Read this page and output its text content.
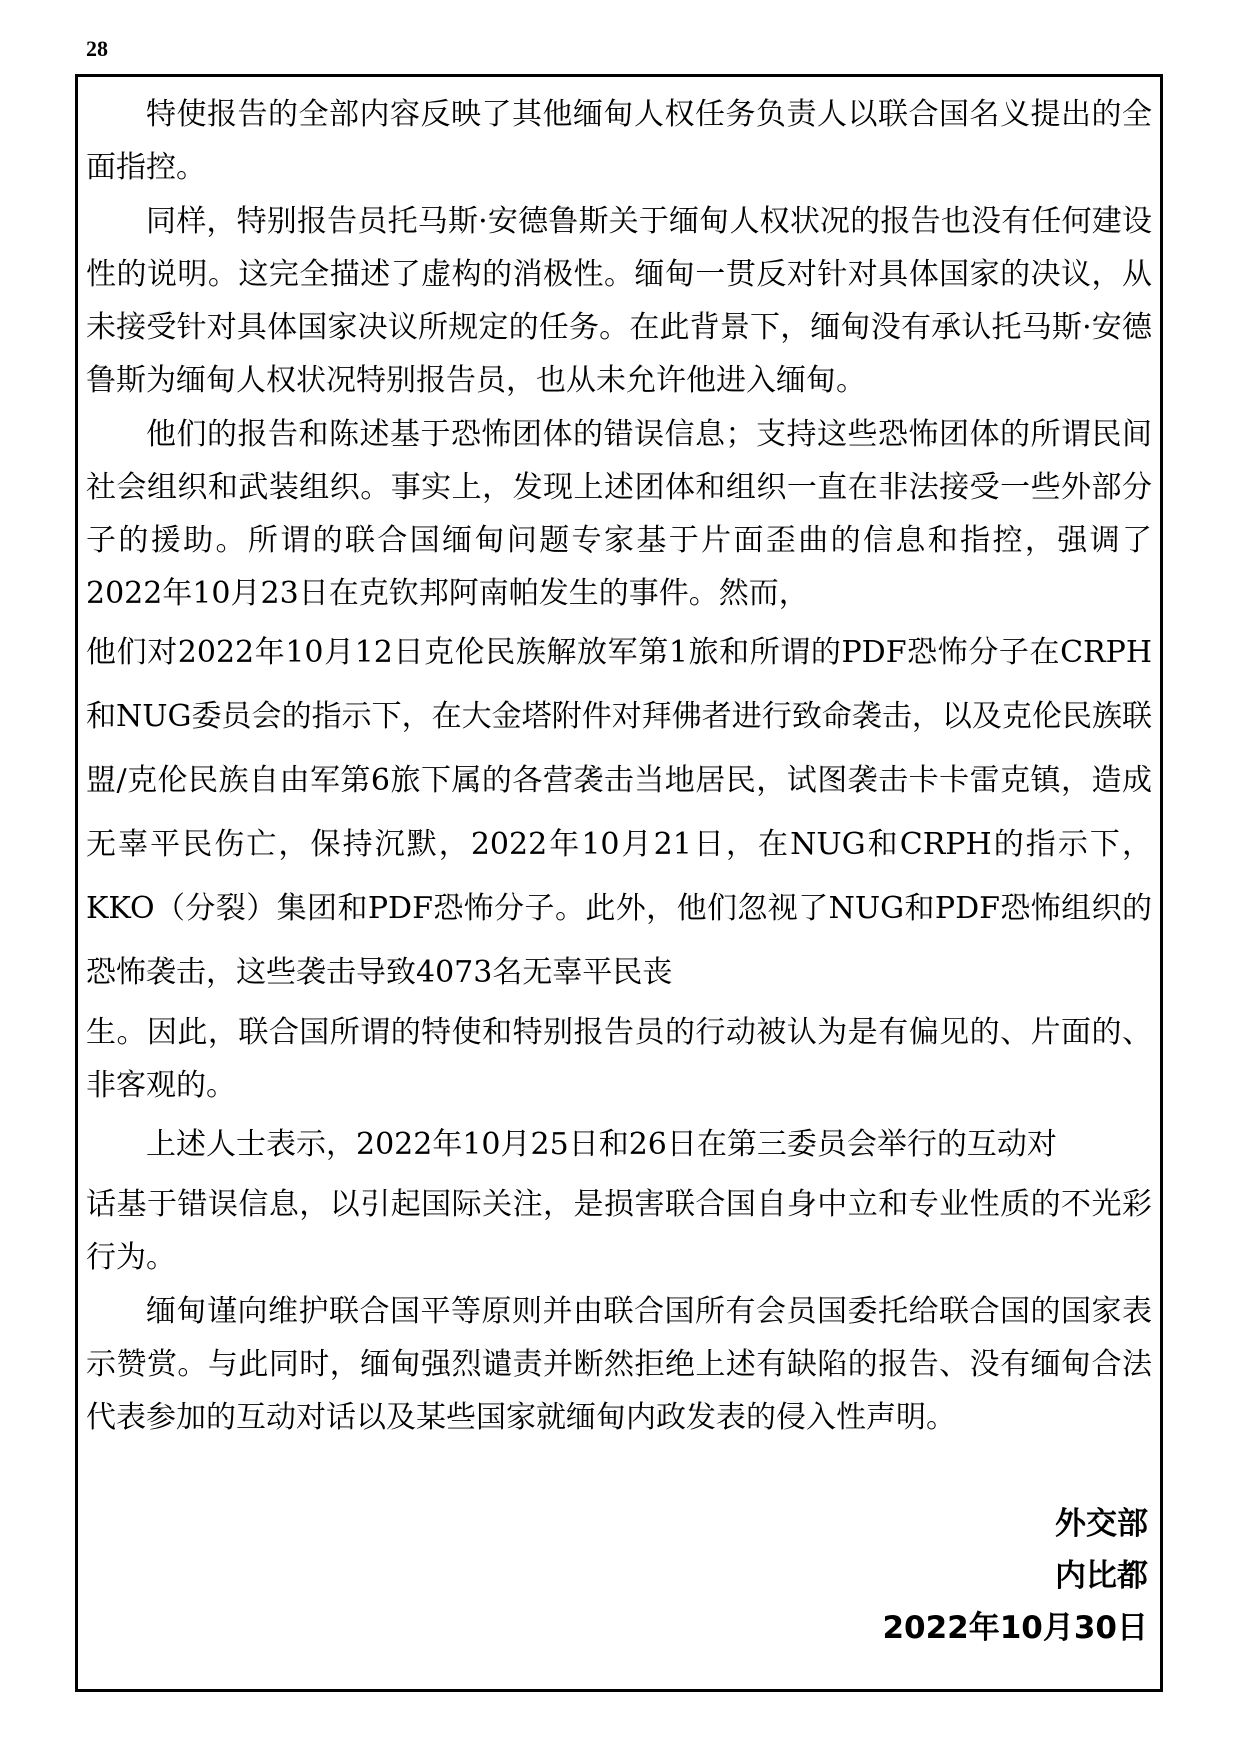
28

特使报告的全部内容反映了其他缅甸人权任务负责人以联合国名义提出的全面指控。

同样，特别报告员托马斯·安德鲁斯关于缅甸人权状况的报告也没有任何建设性的说明。这完全描述了虚构的消极性。缅甸一贯反对针对具体国家的决议，从未接受针对具体国家决议所规定的任务。在此背景下，缅甸没有承认托马斯·安德鲁斯为缅甸人权状况特别报告员，也从未允许他进入缅甸。

他们的报告和陈述基于恐怖团体的错误信息；支持这些恐怖团体的所谓民间社会组织和武装组织。事实上，发现上述团体和组织一直在非法接受一些外部分子的援助。所谓的联合国缅甸问题专家基于片面歪曲的信息和指控，强调了2022年10月23日在克钦邦阿南帕发生的事件。然而，

他们对2022年10月12日克伦民族解放军第1旅和所谓的PDF恐怖分子在CRPH 和NUG委员会的指示下，在大金塔附件对拜佛者进行致命袭击，以及克伦民族联盟/克伦民族自由军第6旅下属的各营袭击当地居民，试图袭击卡卡雷克镇，造成无辜平民伤亡，保持沉默，2022年10月21日，在NUG和CRPH的指示下，KKO（分裂）集团和PDF恐怖分子。此外，他们忽视了NUG和PDF恐怖组织的恐怖袭击，这些袭击导致4073名无辜平民丧

生。因此，联合国所谓的特使和特别报告员的行动被认为是有偏见的、片面的、非客观的。

上述人士表示，2022年10月25日和26日在第三委员会举行的互动对

话基于错误信息，以引起国际关注，是损害联合国自身中立和专业性质的不光彩行为。

缅甸谨向维护联合国平等原则并由联合国所有会员国委托给联合国的国家表示赞赏。与此同时，缅甸强烈谴责并断然拒绝上述有缺陷的报告、没有缅甸合法代表参加的互动对话以及某些国家就缅甸内政发表的侵入性声明。

外交部
内比都
2022年10月30日
